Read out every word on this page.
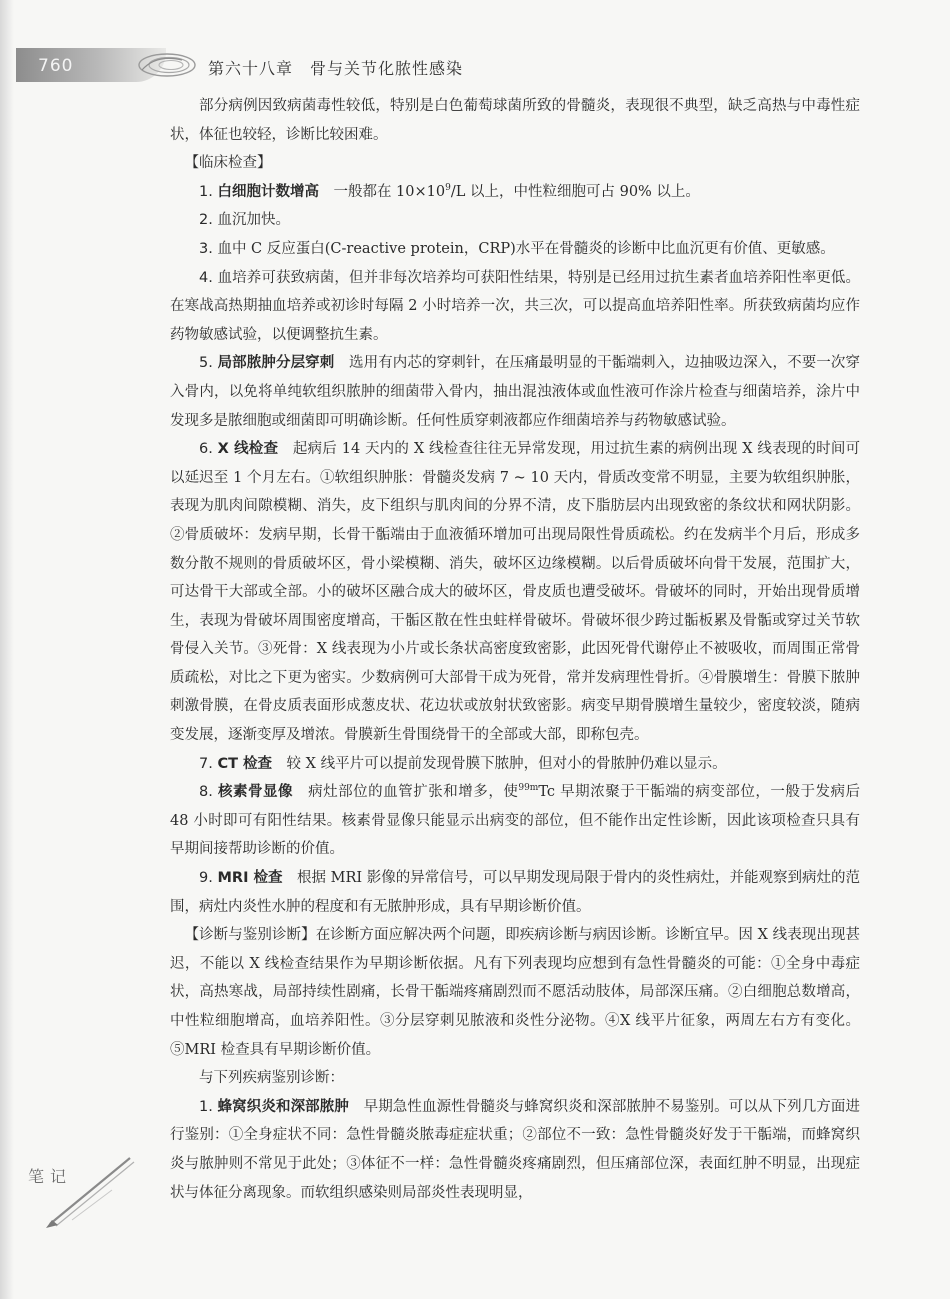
760	第六十八章　骨与关节化脓性感染

部分病例因致病菌毒性较低，特别是白色葡萄球菌所致的骨髓炎，表现很不典型，缺乏高热与中毒性症状，体征也较轻，诊断比较困难。

【临床检查】

1. 白细胞计数增高　一般都在 $10\times 10^9/L$ 以上，中性粒细胞可占 90% 以上。

2. 血沉加快。

3. 血中 C 反应蛋白(C-reactive protein，CRP)水平在骨髓炎的诊断中比血沉更有价值、更敏感。

4. 血培养可获致病菌，但并非每次培养均可获阳性结果，特别是已经用过抗生素者血培养阳性率更低。在寒战高热期抽血培养或初诊时每隔 2 小时培养一次，共三次，可以提高血培养阳性率。所获致病菌均应作药物敏感试验，以便调整抗生素。

5. 局部脓肿分层穿刺　选用有内芯的穿刺针，在压痛最明显的干骺端刺入，边抽吸边深入，不要一次穿入骨内，以免将单纯软组织脓肿的细菌带入骨内，抽出混浊液体或血性液可作涂片检查与细菌培养，涂片中发现多是脓细胞或细菌即可明确诊断。任何性质穿刺液都应作细菌培养与药物敏感试验。

6. X 线检查　起病后 14 天内的 X 线检查往往无异常发现，用过抗生素的病例出现 X 线表现的时间可以延迟至 1 个月左右。①软组织肿胀：骨髓炎发病 7 ~ 10 天内，骨质改变常不明显，主要为软组织肿胀，表现为肌肉间隙模糊、消失，皮下组织与肌肉间的分界不清，皮下脂肪层内出现致密的条纹状和网状阴影。②骨质破坏：发病早期，长骨干骺端由于血液循环增加可出现局限性骨质疏松。约在发病半个月后，形成多数分散不规则的骨质破坏区，骨小梁模糊、消失，破坏区边缘模糊。以后骨质破坏向骨干发展，范围扩大，可达骨干大部或全部。小的破坏区融合成大的破坏区，骨皮质也遭受破坏。骨破坏的同时，开始出现骨质增生，表现为骨破坏周围密度增高，干骺区散在性虫蛀样骨破坏。骨破坏很少跨过骺板累及骨骺或穿过关节软骨侵入关节。③死骨：X 线表现为小片或长条状高密度致密影，此因死骨代谢停止不被吸收，而周围正常骨质疏松，对比之下更为密实。少数病例可大部骨干成为死骨，常并发病理性骨折。④骨膜增生：骨膜下脓肿刺激骨膜，在骨皮质表面形成葱皮状、花边状或放射状致密影。病变早期骨膜增生量较少，密度较淡，随病变发展，逐渐变厚及增浓。骨膜新生骨围绕骨干的全部或大部，即称包壳。

7. CT 检查　较 X 线平片可以提前发现骨膜下脓肿，但对小的骨脓肿仍难以显示。

8. 核素骨显像　病灶部位的血管扩张和增多，使$^{99m}$Tc 早期浓聚于干骺端的病变部位，一般于发病后 48 小时即可有阳性结果。核素骨显像只能显示出病变的部位，但不能作出定性诊断，因此该项检查只具有早期间接帮助诊断的价值。

9. MRI 检查　根据 MRI 影像的异常信号，可以早期发现局限于骨内的炎性病灶，并能观察到病灶的范围，病灶内炎性水肿的程度和有无脓肿形成，具有早期诊断价值。

【诊断与鉴别诊断】在诊断方面应解决两个问题，即疾病诊断与病因诊断。诊断宜早。因 X 线表现出现甚迟，不能以 X 线检查结果作为早期诊断依据。凡有下列表现均应想到有急性骨髓炎的可能：①全身中毒症状，高热寒战，局部持续性剧痛，长骨干骺端疼痛剧烈而不愿活动肢体，局部深压痛。②白细胞总数增高，中性粒细胞增高，血培养阳性。③分层穿刺见脓液和炎性分泌物。④X 线平片征象，两周左右方有变化。⑤MRI 检查具有早期诊断价值。

与下列疾病鉴别诊断：

1. 蜂窝织炎和深部脓肿　早期急性血源性骨髓炎与蜂窝织炎和深部脓肿不易鉴别。可以从下列几方面进行鉴别：①全身症状不同：急性骨髓炎脓毒症症状重；②部位不一致：急性骨髓炎好发于干骺端，而蜂窝织炎与脓肿则不常见于此处；③体征不一样：急性骨髓炎疼痛剧烈，但压痛部位深，表面红肿不明显，出现症状与体征分离现象。而软组织感染则局部炎性表现明显，

笔记
